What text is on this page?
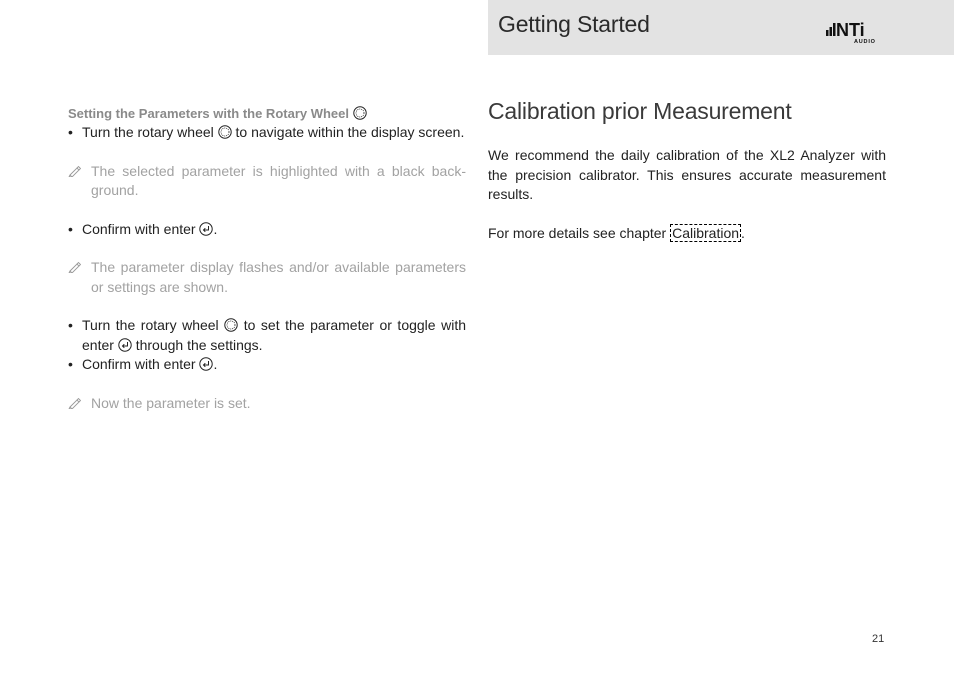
Getting Started	NTi
AUDIO
Setting the Parameters with the Rotary Wheel
• Turn the rotary wheel to navigate within the display screen.
The selected parameter is highlighted with a black back-ground.
• Confirm with enter .
The parameter display flashes and/or available parameters or settings are shown.
• Turn the rotary wheel to set the parameter or toggle with enter through the settings.
• Confirm with enter .
Now the parameter is set.
Calibration prior Measurement
We recommend the daily calibration of the XL2 Analyzer with the precision calibrator. This ensures accurate measurement results.
For more details see chapter Calibration .
21
